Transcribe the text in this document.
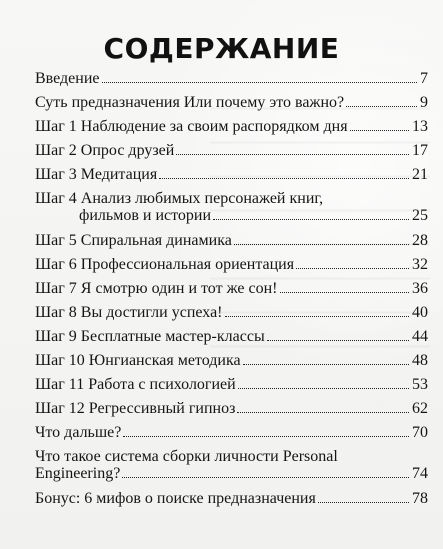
СОДЕРЖАНИЕ
Введение	7
Суть предназначения Или почему это важно?	9
Шаг 1 Наблюдение за своим распорядком дня	13
Шаг 2 Опрос друзей	17
Шаг 3 Медитация	21
Шаг 4 Анализ любимых персонажей книг,
фильмов и истории	25
Шаг 5 Спиральная динамика	28
Шаг 6 Профессиональная ориентация	32
Шаг 7 Я смотрю один и тот же сон!	36
Шаг 8 Вы достигли успеха!	40
Шаг 9 Бесплатные мастер-классы	44
Шаг 10 Юнгианская методика	48
Шаг 11 Работа с психологией	53
Шаг 12 Регрессивный гипноз	62
Что дальше?	70
Что такое система сборки личности Personal
Engineering?	74
Бонус: 6 мифов о поиске предназначения	78
